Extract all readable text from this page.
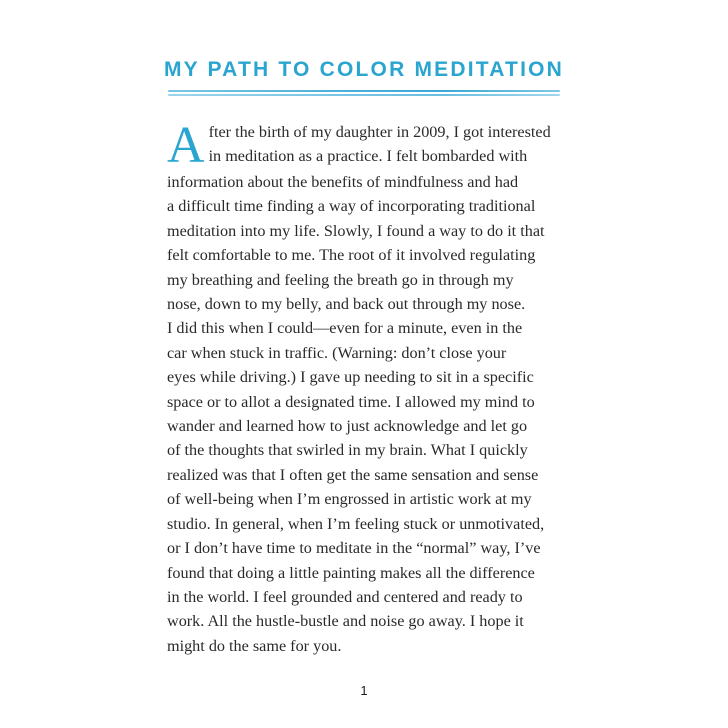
MY PATH TO COLOR MEDITATION
A fter the birth of my daughter in 2009, I got interested
in meditation as a practice. I felt bombarded with
information about the benefits of mindfulness and had
a difficult time finding a way of incorporating traditional
meditation into my life. Slowly, I found a way to do it that
felt comfortable to me. The root of it involved regulating
my breathing and feeling the breath go in through my
nose, down to my belly, and back out through my nose.
I did this when I could—even for a minute, even in the
car when stuck in traffic. (Warning: don’t close your
eyes while driving.) I gave up needing to sit in a specific
space or to allot a designated time. I allowed my mind to
wander and learned how to just acknowledge and let go
of the thoughts that swirled in my brain. What I quickly
realized was that I often get the same sensation and sense
of well-being when I’m engrossed in artistic work at my
studio. In general, when I’m feeling stuck or unmotivated,
or I don’t have time to meditate in the “normal” way, I’ve
found that doing a little painting makes all the difference
in the world. I feel grounded and centered and ready to
work. All the hustle-bustle and noise go away. I hope it
might do the same for you.
1
